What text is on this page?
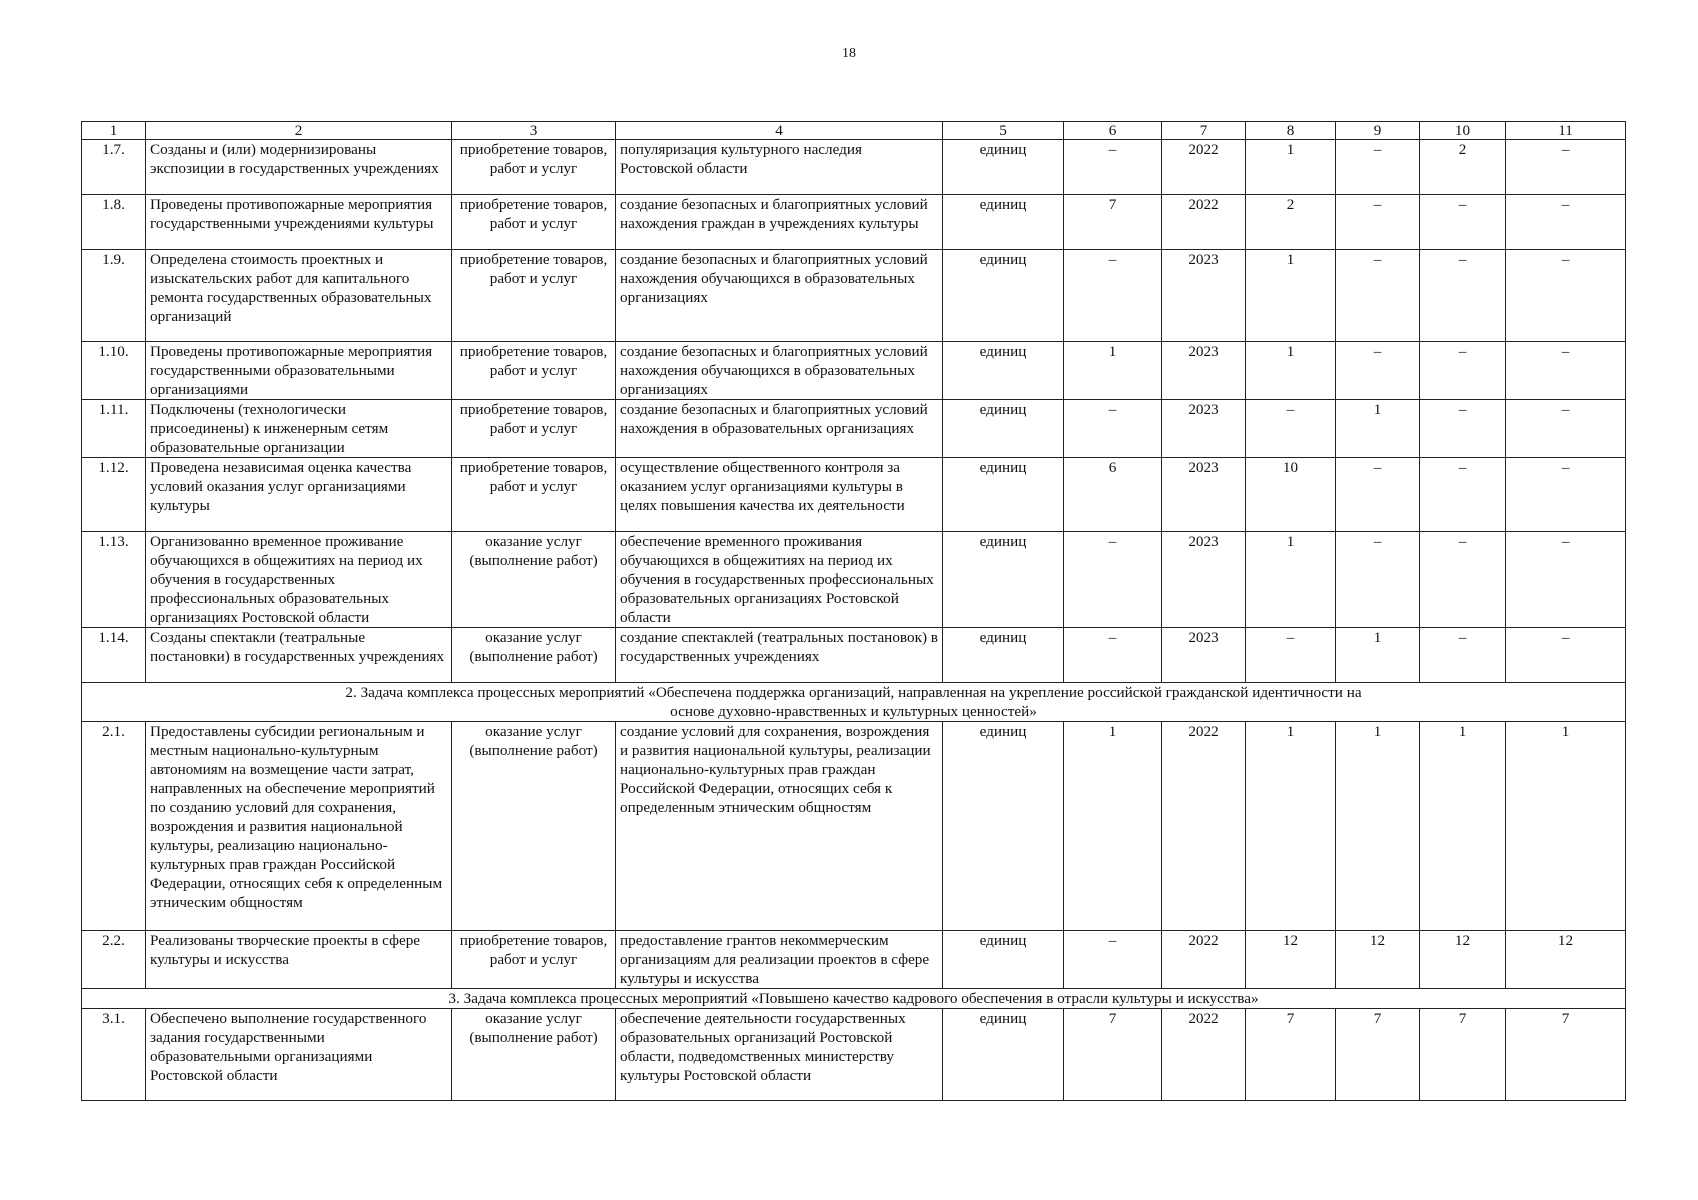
18
1	2	3	4	5	6	7	8	9	10	11
1.7.	Созданы и (или) модернизированы экспозиции в государственных учреждениях	приобретение товаров, работ и услуг	популяризация культурного наследия Ростовской области	единиц	–	2022	1	–	2	–
1.8.	Проведены противопожарные мероприятия государственными учреждениями культуры	приобретение товаров, работ и услуг	создание безопасных и благоприятных условий нахождения граждан в учреждениях культуры	единиц	7	2022	2	–	–	–
1.9.	Определена стоимость проектных и изыскательских работ для капитального ремонта государственных образовательных организаций	приобретение товаров, работ и услуг	создание безопасных и благоприятных условий нахождения обучающихся в образовательных организациях	единиц	–	2023	1	–	–	–
1.10.	Проведены противопожарные мероприятия государственными образовательными организациями	приобретение товаров, работ и услуг	создание безопасных и благоприятных условий нахождения обучающихся в образовательных организациях	единиц	1	2023	1	–	–	–
1.11.	Подключены (технологически присоединены) к инженерным сетям образовательные организации	приобретение товаров, работ и услуг	создание безопасных и благоприятных условий нахождения в образовательных организациях	единиц	–	2023	–	1	–	–
1.12.	Проведена независимая оценка качества условий оказания услуг организациями культуры	приобретение товаров, работ и услуг	осуществление общественного контроля за оказанием услуг организациями культуры в целях повышения качества их деятельности	единиц	6	2023	10	–	–	–
1.13.	Организованно временное проживание обучающихся в общежитиях на период их обучения в государственных профессиональных образовательных организациях Ростовской области	оказание услуг (выполнение работ)	обеспечение временного проживания обучающихся в общежитиях на период их обучения в государственных профессиональных образовательных организациях Ростовской области	единиц	–	2023	1	–	–	–
1.14.	Созданы спектакли (театральные постановки) в государственных учреждениях	оказание услуг (выполнение работ)	создание спектаклей (театральных постановок) в государственных учреждениях	единиц	–	2023	–	1	–	–
2. Задача комплекса процессных мероприятий «Обеспечена поддержка организаций, направленная на укрепление российской гражданской идентичности на основе духовно-нравственных и культурных ценностей»										
2.1.	Предоставлены субсидии региональным и местным национально-культурным автономиям на возмещение части затрат, направленных на обеспечение мероприятий по созданию условий для сохранения, возрождения и развития национальной культуры, реализацию национально-культурных прав граждан Российской Федерации, относящих себя к определенным этническим общностям	оказание услуг (выполнение работ)	создание условий для сохранения, возрождения и развития национальной культуры, реализации национально-культурных прав граждан Российской Федерации, относящих себя к определенным этническим общностям	единиц	1	2022	1	1	1	1
2.2.	Реализованы творческие проекты в сфере культуры и искусства	приобретение товаров, работ и услуг	предоставление грантов некоммерческим организациям для реализации проектов в сфере культуры и искусства	единиц	–	2022	12	12	12	12
3. Задача комплекса процессных мероприятий «Повышено качество кадрового обеспечения в отрасли культуры и искусства»										
3.1.	Обеспечено выполнение государственного задания государственными образовательными организациями Ростовской области	оказание услуг (выполнение работ)	обеспечение деятельности государственных образовательных организаций Ростовской области, подведомственных министерству культуры Ростовской области	единиц	7	2022	7	7	7	7
